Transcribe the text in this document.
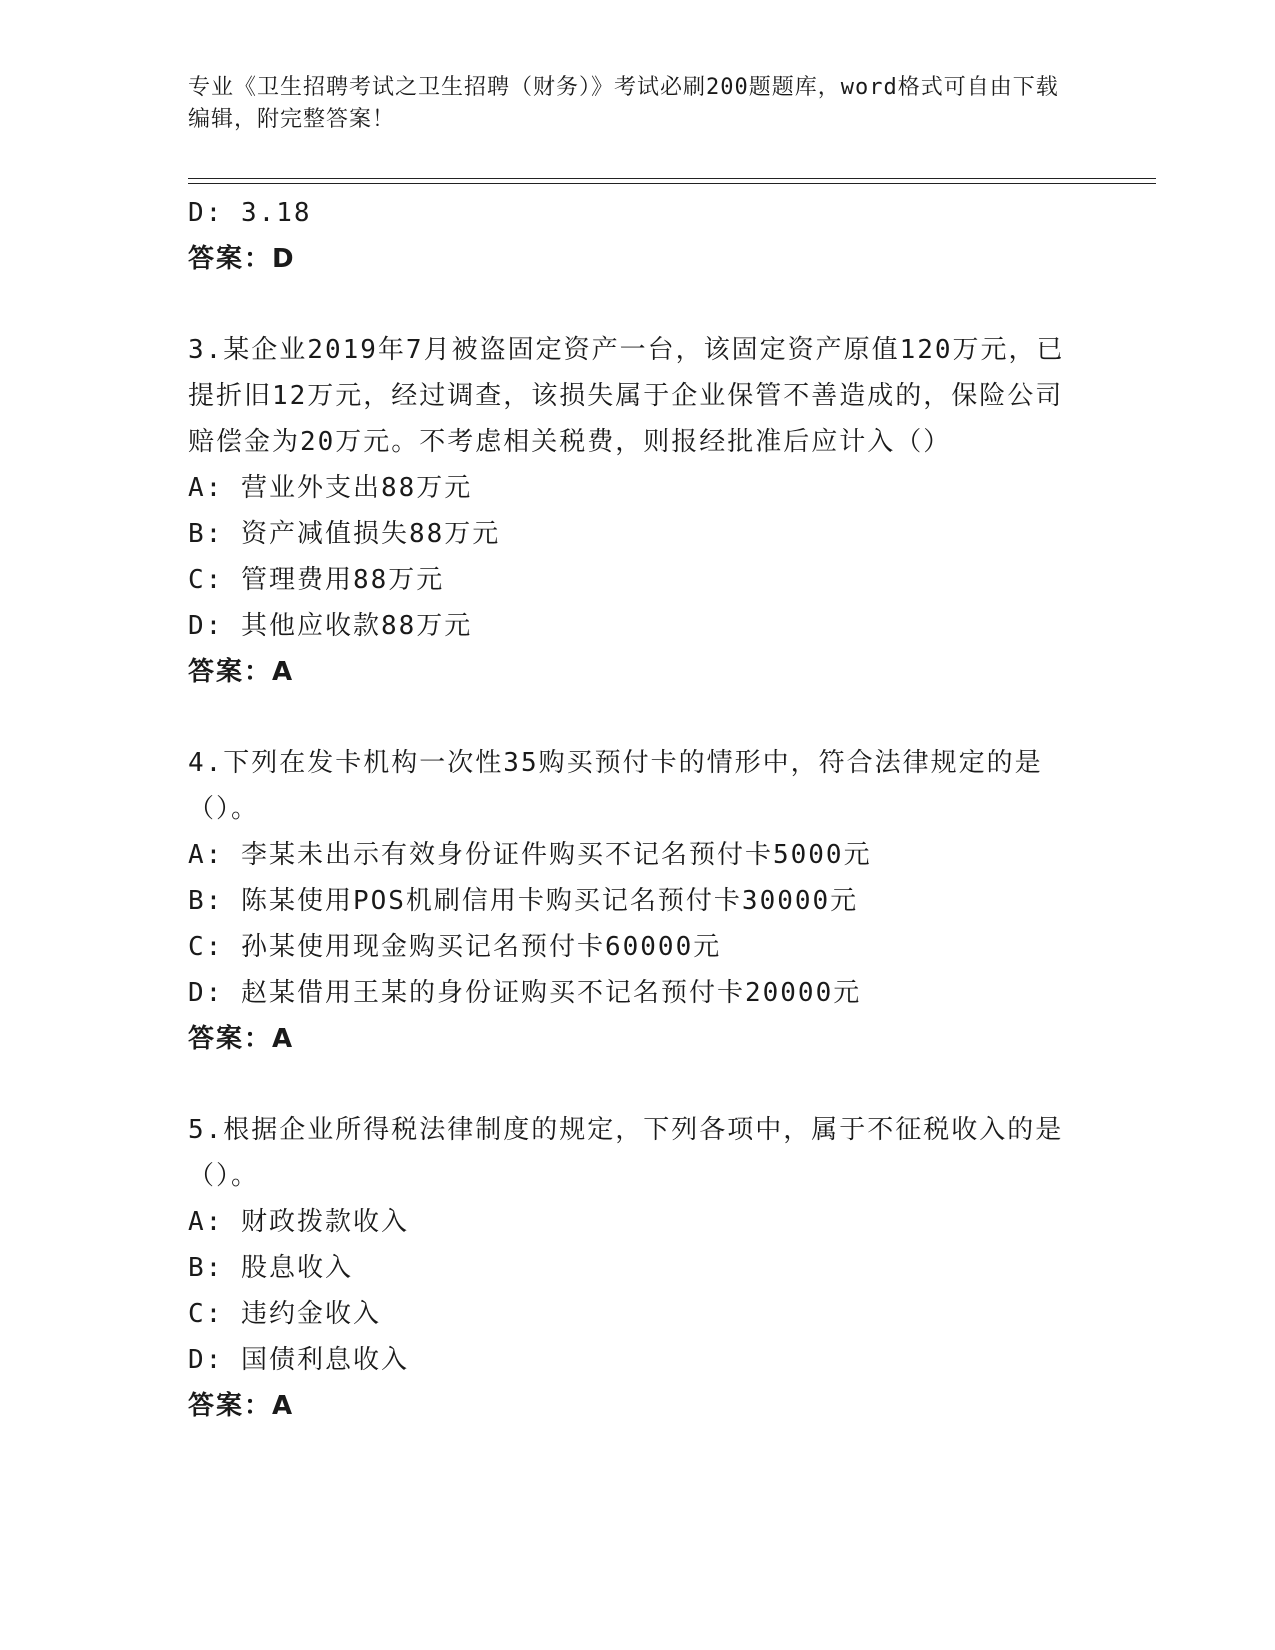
专业《卫生招聘考试之卫生招聘（财务）》考试必刷200题题库，word格式可自由下载编辑，附完整答案！
D: 3.18
答案：D
3.某企业2019年7月被盗固定资产一台，该固定资产原值120万元，已提折旧12万元，经过调查，该损失属于企业保管不善造成的，保险公司赔偿金为20万元。不考虑相关税费，则报经批准后应计入（）
A: 营业外支出88万元
B: 资产减值损失88万元
C: 管理费用88万元
D: 其他应收款88万元
答案：A
4.下列在发卡机构一次性35购买预付卡的情形中，符合法律规定的是（）。
A: 李某未出示有效身份证件购买不记名预付卡5000元
B: 陈某使用POS机刷信用卡购买记名预付卡30000元
C: 孙某使用现金购买记名预付卡60000元
D: 赵某借用王某的身份证购买不记名预付卡20000元
答案：A
5.根据企业所得税法律制度的规定，下列各项中，属于不征税收入的是（）。
A: 财政拨款收入
B: 股息收入
C: 违约金收入
D: 国债利息收入
答案：A
